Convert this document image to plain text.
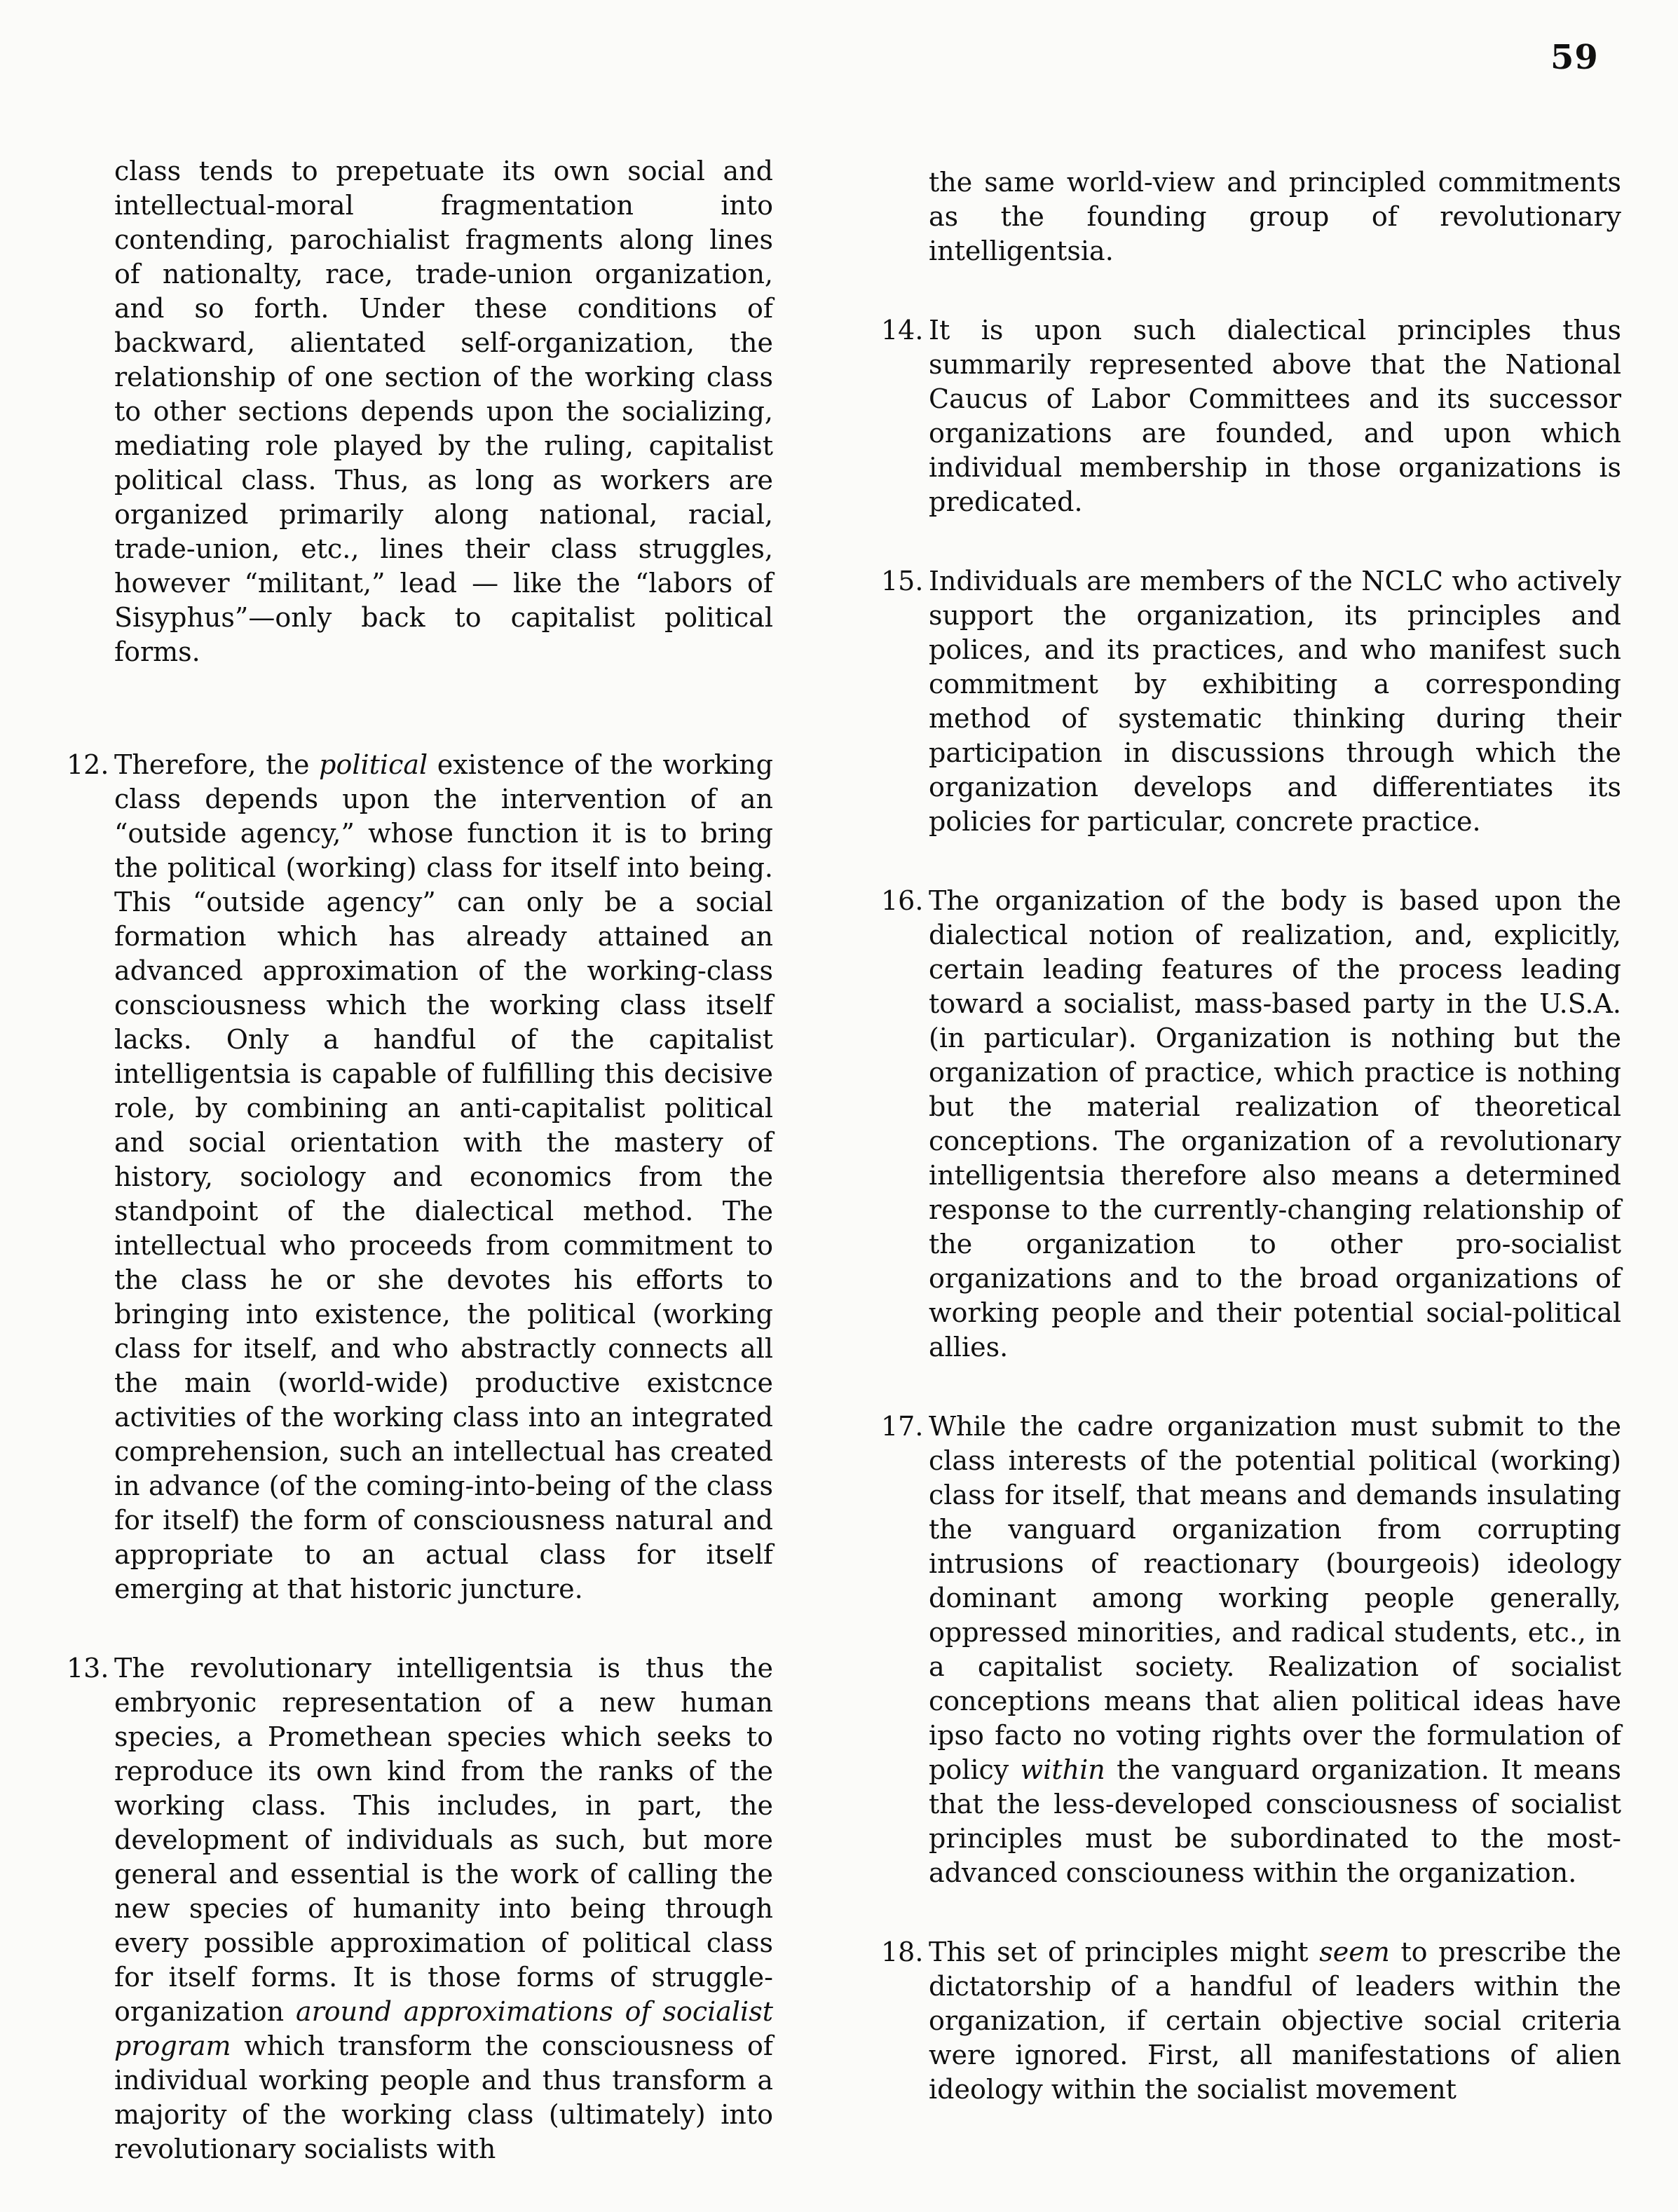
59

class tends to prepetuate its own social and intellectual-moral fragmentation into contending, parochialist fragments along lines of nationalty, race, trade-union organization, and so forth. Under these conditions of backward, alientated self-organization, the relationship of one section of the working class to other sections depends upon the socializing, mediating role played by the ruling, capitalist political class. Thus, as long as workers are organized primarily along national, racial, trade-union, etc., lines their class struggles, however “militant,” lead — like the “labors of Sisyphus”—only back to capitalist political forms.

12. Therefore, the political existence of the working class depends upon the intervention of an “outside agency,” whose function it is to bring the political (working) class for itself into being. This “outside agency” can only be a social formation which has already attained an advanced approximation of the working-class consciousness which the working class itself lacks. Only a handful of the capitalist intelligentsia is capable of fulfilling this decisive role, by combining an anti-capitalist political and social orientation with the mastery of history, sociology and economics from the standpoint of the dialectical method. The intellectual who proceeds from commitment to the class he or she devotes his efforts to bringing into existence, the political (working class for itself, and who abstractly connects all the main (world-wide) productive existcnce activities of the working class into an integrated comprehension, such an intellectual has created in advance (of the coming-into-being of the class for itself) the form of consciousness natural and appropriate to an actual class for itself emerging at that historic juncture.

13. The revolutionary intelligentsia is thus the embryonic representation of a new human species, a Promethean species which seeks to reproduce its own kind from the ranks of the working class. This includes, in part, the development of individuals as such, but more general and essential is the work of calling the new species of humanity into being through every possible approximation of political class for itself forms. It is those forms of struggle-organization around approximations of socialist program which transform the consciousness of individual working people and thus transform a majority of the working class (ultimately) into revolutionary socialists with

the same world-view and principled commitments as the founding group of revolutionary intelligentsia.

14. It is upon such dialectical principles thus summarily represented above that the National Caucus of Labor Committees and its successor organizations are founded, and upon which individual membership in those organizations is predicated.

15. Individuals are members of the NCLC who actively support the organization, its principles and polices, and its practices, and who manifest such commitment by exhibiting a corresponding method of systematic thinking during their participation in discussions through which the organization develops and differentiates its policies for particular, concrete practice.

16. The organization of the body is based upon the dialectical notion of realization, and, explicitly, certain leading features of the process leading toward a socialist, mass-based party in the U.S.A. (in particular). Organization is nothing but the organization of practice, which practice is nothing but the material realization of theoretical conceptions. The organization of a revolutionary intelligentsia therefore also means a determined response to the currently-changing relationship of the organization to other pro-socialist organizations and to the broad organizations of working people and their potential social-political allies.

17. While the cadre organization must submit to the class interests of the potential political (working) class for itself, that means and demands insulating the vanguard organization from corrupting intrusions of reactionary (bourgeois) ideology dominant among working people generally, oppressed minorities, and radical students, etc., in a capitalist society. Realization of socialist conceptions means that alien political ideas have ipso facto no voting rights over the formulation of policy within the vanguard organization. It means that the less-developed consciousness of socialist principles must be subordinated to the most-advanced consciouness within the organization.

18. This set of principles might seem to prescribe the dictatorship of a handful of leaders within the organization, if certain objective social criteria were ignored. First, all manifestations of alien ideology within the socialist movement
